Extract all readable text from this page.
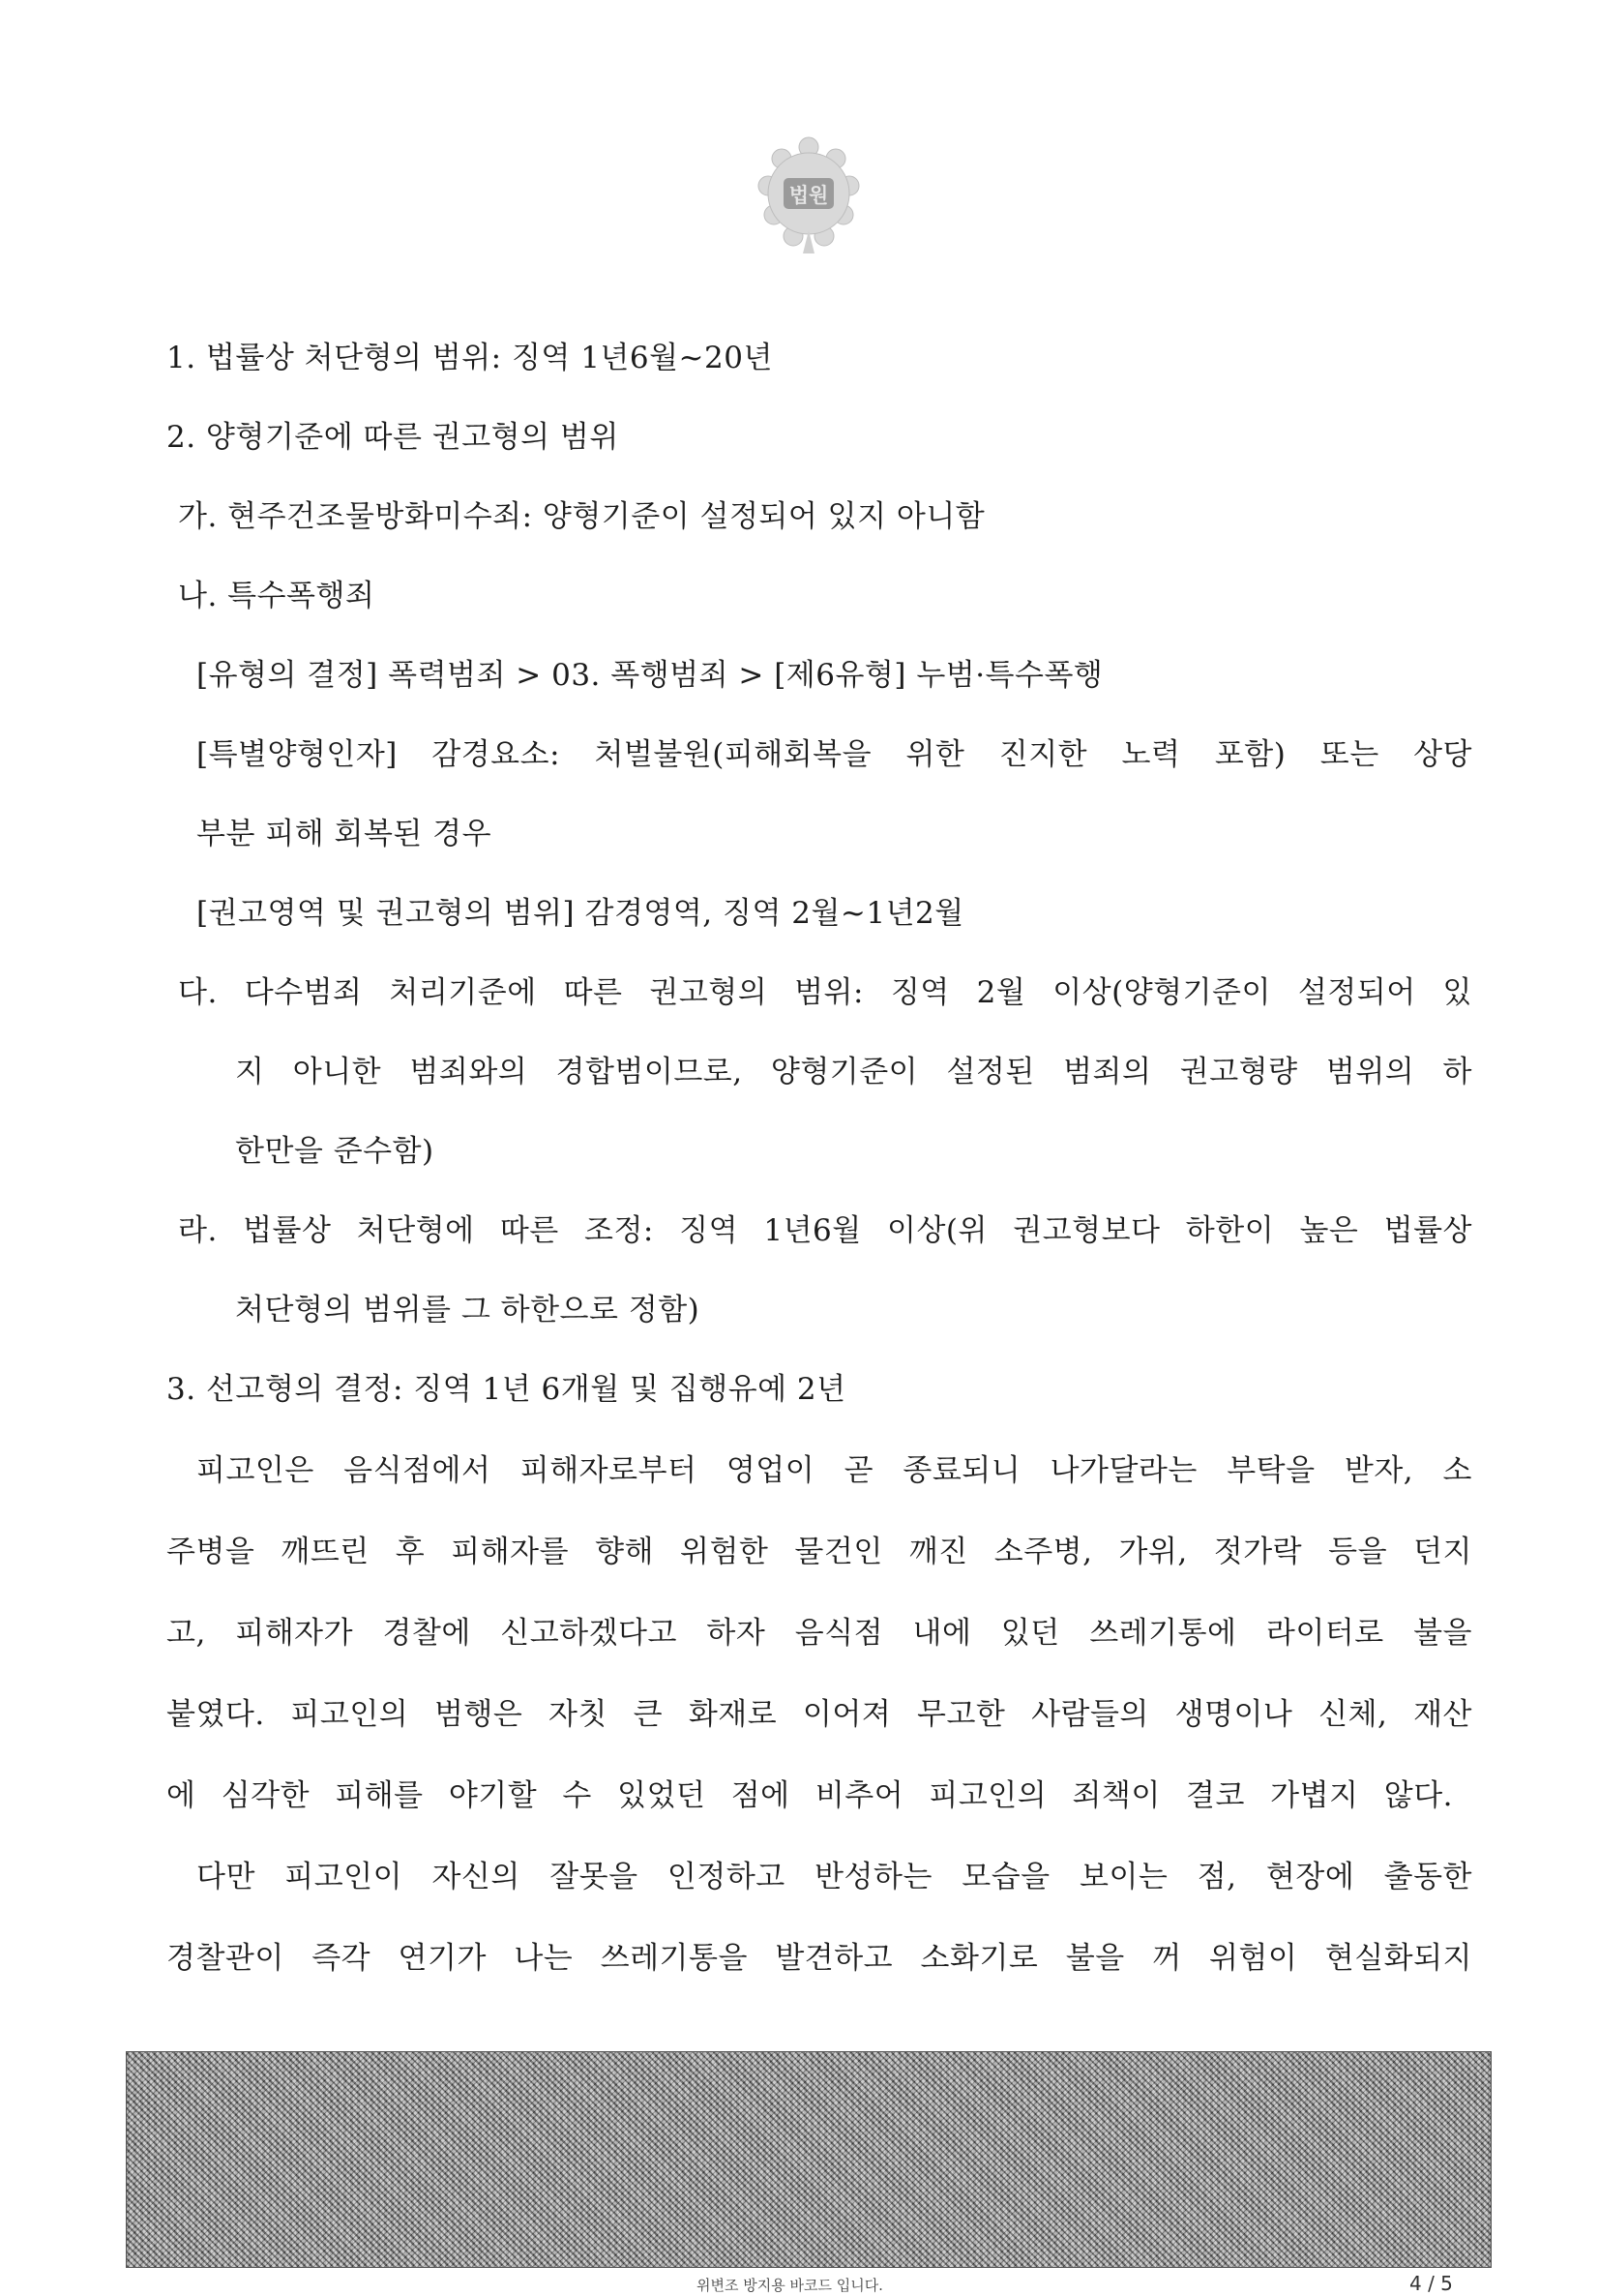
법원
1. 법률상 처단형의 범위: 징역 1년6월~20년
2. 양형기준에 따른 권고형의 범위
가. 현주건조물방화미수죄: 양형기준이 설정되어 있지 아니함
나. 특수폭행죄
[유형의 결정] 폭력범죄 > 03. 폭행범죄 > [제6유형] 누범·특수폭행
[특별양형인자] 감경요소: 처벌불원(피해회복을 위한 진지한 노력 포함) 또는 상당
부분 피해 회복된 경우
[권고영역 및 권고형의 범위] 감경영역, 징역 2월~1년2월
다. 다수범죄 처리기준에 따른 권고형의 범위: 징역 2월 이상(양형기준이 설정되어 있
지 아니한 범죄와의 경합범이므로, 양형기준이 설정된 범죄의 권고형량 범위의 하
한만을 준수함)
라. 법률상 처단형에 따른 조정: 징역 1년6월 이상(위 권고형보다 하한이 높은 법률상
처단형의 범위를 그 하한으로 정함)
3. 선고형의 결정: 징역 1년 6개월 및 집행유예 2년
피고인은 음식점에서 피해자로부터 영업이 곧 종료되니 나가달라는 부탁을 받자, 소
주병을 깨뜨린 후 피해자를 향해 위험한 물건인 깨진 소주병, 가위, 젓가락 등을 던지
고, 피해자가 경찰에 신고하겠다고 하자 음식점 내에 있던 쓰레기통에 라이터로 불을
붙였다. 피고인의 범행은 자칫 큰 화재로 이어져 무고한 사람들의 생명이나 신체, 재산
에 심각한 피해를 야기할 수 있었던 점에 비추어 피고인의 죄책이 결코 가볍지 않다.
다만 피고인이 자신의 잘못을 인정하고 반성하는 모습을 보이는 점, 현장에 출동한
경찰관이 즉각 연기가 나는 쓰레기통을 발견하고 소화기로 불을 꺼 위험이 현실화되지
위변조 방지용 바코드 입니다.	4 / 5
